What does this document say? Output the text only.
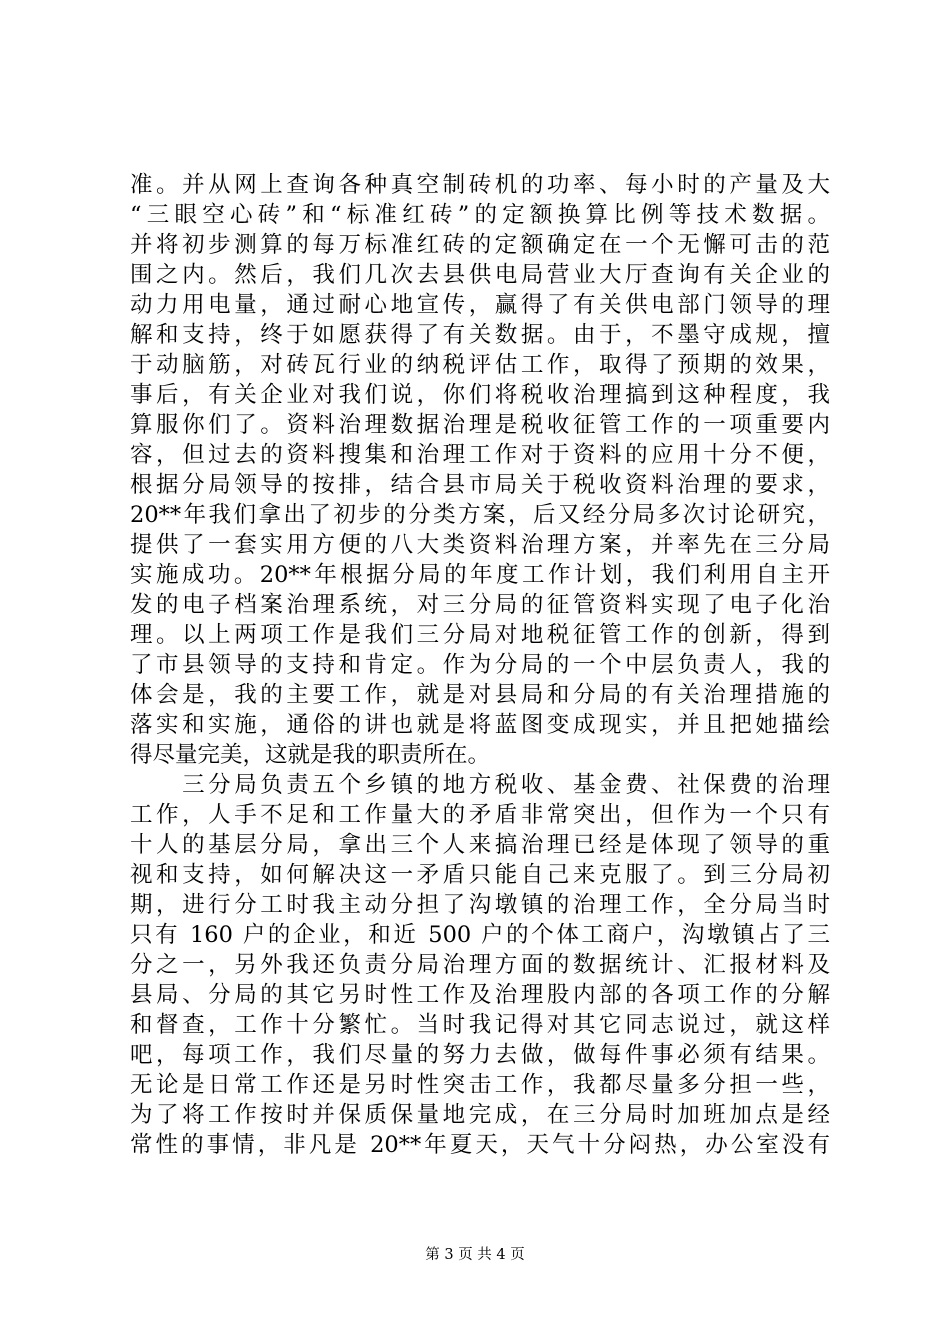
准。并从网上查询各种真空制砖机的功率、每小时的产量及大
“三眼空心砖”和“标准红砖”的定额换算比例等技术数据。
并将初步测算的每万标准红砖的定额确定在一个无懈可击的范
围之内。然后，我们几次去县供电局营业大厅查询有关企业的
动力用电量，通过耐心地宣传，赢得了有关供电部门领导的理
解和支持，终于如愿获得了有关数据。由于，不墨守成规，擅
于动脑筋，对砖瓦行业的纳税评估工作，取得了预期的效果，
事后，有关企业对我们说，你们将税收治理搞到这种程度，我
算服你们了。资料治理数据治理是税收征管工作的一项重要内
容，但过去的资料搜集和治理工作对于资料的应用十分不便，
根据分局领导的按排，结合县市局关于税收资料治理的要求，
20**年我们拿出了初步的分类方案，后又经分局多次讨论研究，
提供了一套实用方便的八大类资料治理方案，并率先在三分局
实施成功。20**年根据分局的年度工作计划，我们利用自主开
发的电子档案治理系统，对三分局的征管资料实现了电子化治
理。以上两项工作是我们三分局对地税征管工作的创新，得到
了市县领导的支持和肯定。作为分局的一个中层负责人，我的
体会是，我的主要工作，就是对县局和分局的有关治理措施的
落实和实施，通俗的讲也就是将蓝图变成现实，并且把她描绘
得尽量完美，这就是我的职责所在。
　　三分局负责五个乡镇的地方税收、基金费、社保费的治理
工作，人手不足和工作量大的矛盾非常突出，但作为一个只有
十人的基层分局，拿出三个人来搞治理已经是体现了领导的重
视和支持，如何解决这一矛盾只能自己来克服了。到三分局初
期，进行分工时我主动分担了沟墩镇的治理工作，全分局当时
只有 160 户的企业，和近 500 户的个体工商户，沟墩镇占了三
分之一，另外我还负责分局治理方面的数据统计、汇报材料及
县局、分局的其它另时性工作及治理股内部的各项工作的分解
和督查，工作十分繁忙。当时我记得对其它同志说过，就这样
吧，每项工作，我们尽量的努力去做，做每件事必须有结果。
无论是日常工作还是另时性突击工作，我都尽量多分担一些，
为了将工作按时并保质保量地完成，在三分局时加班加点是经
常性的事情，非凡是 20**年夏天，天气十分闷热，办公室没有
第 3 页 共 4 页
